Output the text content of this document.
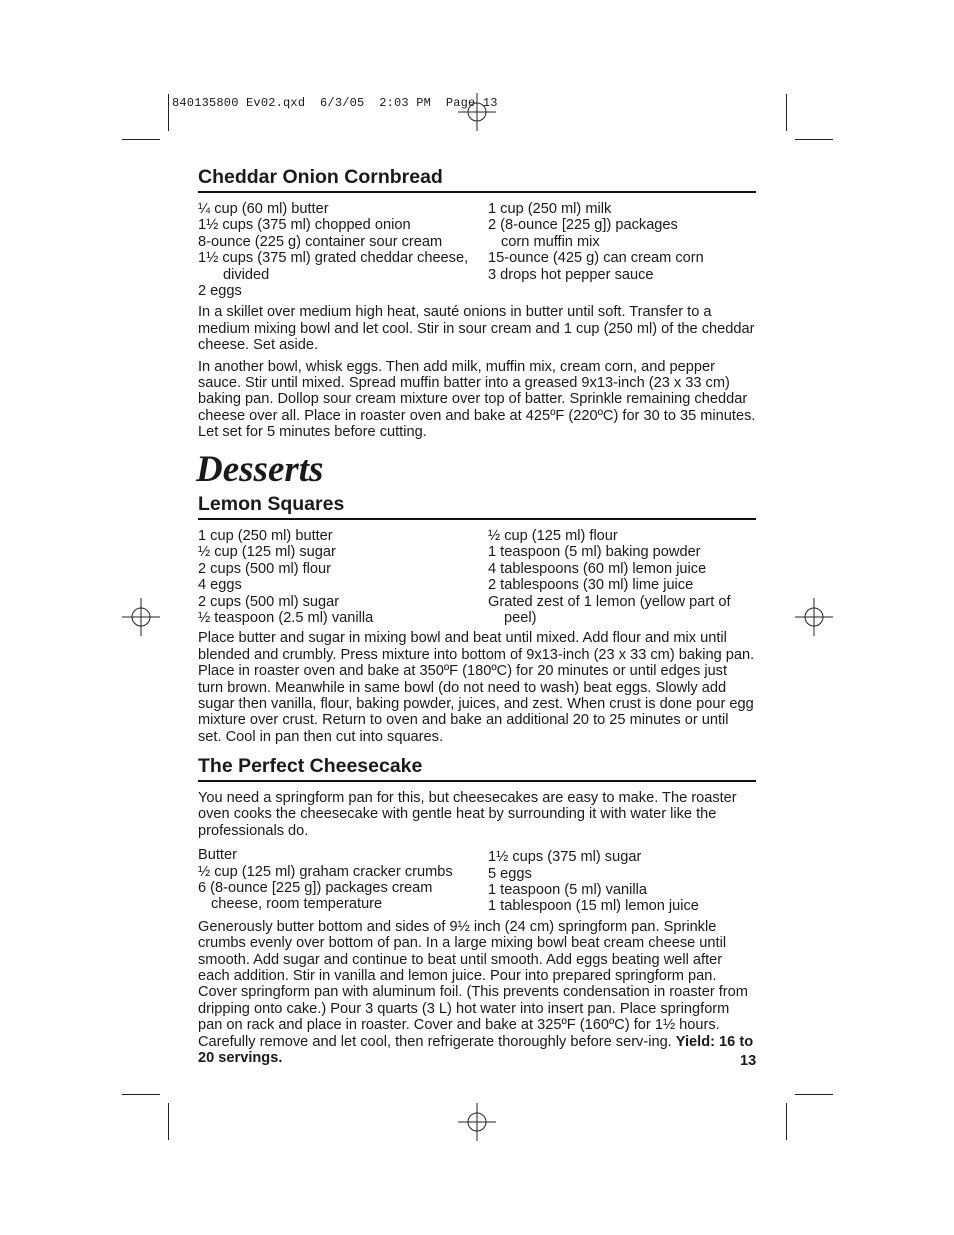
840135800 Ev02.qxd  6/3/05  2:03 PM  Page 13
Cheddar Onion Cornbread
¼ cup (60 ml) butter
1½ cups (375 ml) chopped onion
8-ounce (225 g) container sour cream
1½ cups (375 ml) grated cheddar cheese, divided
2 eggs
1 cup (250 ml) milk
2 (8-ounce [225 g]) packages corn muffin mix
15-ounce (425 g) can cream corn
3 drops hot pepper sauce

In a skillet over medium high heat, sauté onions in butter until soft. Transfer to a medium mixing bowl and let cool. Stir in sour cream and 1 cup (250 ml) of the cheddar cheese. Set aside.

In another bowl, whisk eggs. Then add milk, muffin mix, cream corn, and pepper sauce. Stir until mixed. Spread muffin batter into a greased 9x13-inch (23 x 33 cm) baking pan. Dollop sour cream mixture over top of batter. Sprinkle remaining cheddar cheese over all. Place in roaster oven and bake at 425ºF (220ºC) for 30 to 35 minutes. Let set for 5 minutes before cutting.

Desserts
Lemon Squares
1 cup (250 ml) butter
½ cup (125 ml) sugar
2 cups (500 ml) flour
4 eggs
2 cups (500 ml) sugar
½ teaspoon (2.5 ml) vanilla
½ cup (125 ml) flour
1 teaspoon (5 ml) baking powder
4 tablespoons (60 ml) lemon juice
2 tablespoons (30 ml) lime juice
Grated zest of 1 lemon (yellow part of peel)

Place butter and sugar in mixing bowl and beat until mixed. Add flour and mix until blended and crumbly. Press mixture into bottom of 9x13-inch (23 x 33 cm) baking pan. Place in roaster oven and bake at 350ºF (180ºC) for 20 minutes or until edges just turn brown. Meanwhile in same bowl (do not need to wash) beat eggs. Slowly add sugar then vanilla, flour, baking powder, juices, and zest. When crust is done pour egg mixture over crust. Return to oven and bake an additional 20 to 25 minutes or until set. Cool in pan then cut into squares.

The Perfect Cheesecake

You need a springform pan for this, but cheesecakes are easy to make. The roaster oven cooks the cheesecake with gentle heat by surrounding it with water like the professionals do.

Butter
½ cup (125 ml) graham cracker crumbs
6 (8-ounce [225 g]) packages cream cheese, room temperature
1½ cups (375 ml) sugar
5 eggs
1 teaspoon (5 ml) vanilla
1 tablespoon (15 ml) lemon juice

Generously butter bottom and sides of 9½ inch (24 cm) springform pan. Sprinkle crumbs evenly over bottom of pan. In a large mixing bowl beat cream cheese until smooth. Add sugar and continue to beat until smooth. Add eggs beating well after each addition. Stir in vanilla and lemon juice. Pour into prepared springform pan. Cover springform pan with aluminum foil. (This prevents condensation in roaster from dripping onto cake.) Pour 3 quarts (3 L) hot water into insert pan. Place springform pan on rack and place in roaster. Cover and bake at 325ºF (160ºC) for 1½ hours. Carefully remove and let cool, then refrigerate thoroughly before serv-ing. Yield: 16 to 20 servings.	13
